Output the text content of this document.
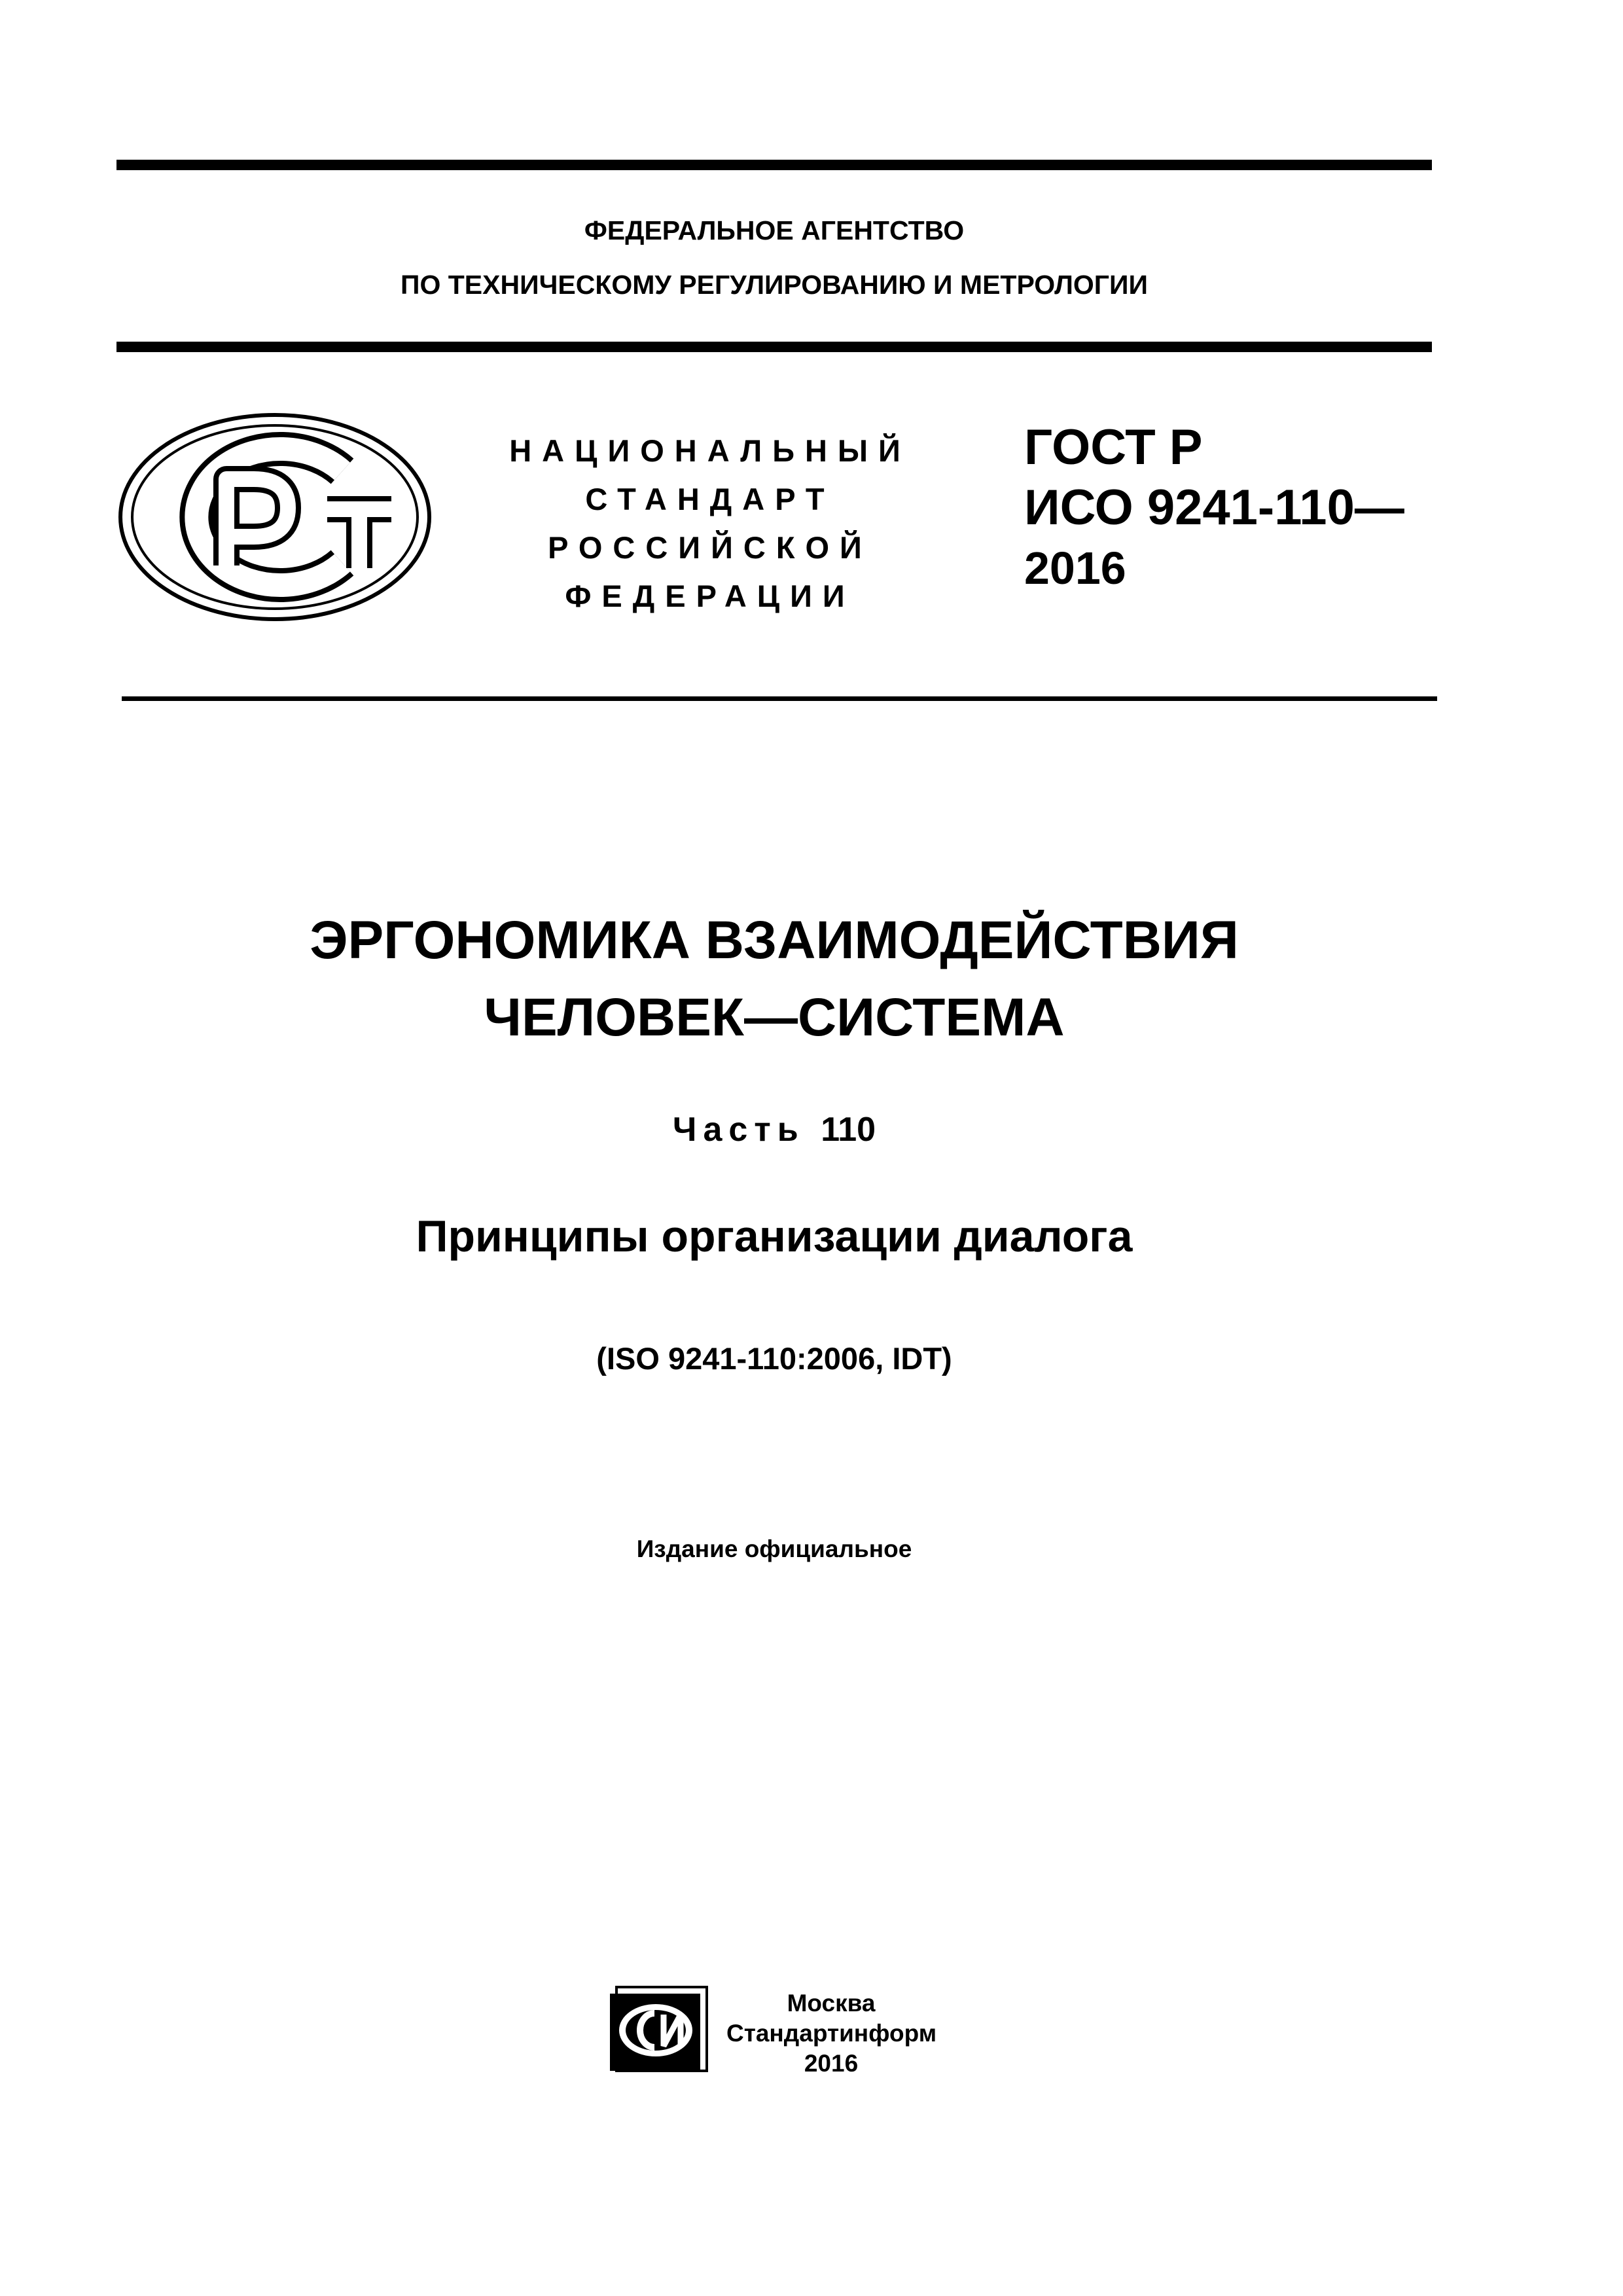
ФЕДЕРАЛЬНОЕ АГЕНТСТВО
ПО ТЕХНИЧЕСКОМУ РЕГУЛИРОВАНИЮ И МЕТРОЛОГИИ
НАЦИОНАЛЬНЫЙ
СТАНДАРТ
РОССИЙСКОЙ
ФЕДЕРАЦИИ
ГОСТ Р
ИСО 9241-110—
2016
ЭРГОНОМИКА ВЗАИМОДЕЙСТВИЯ
ЧЕЛОВЕК—СИСТЕМА
Часть 110
Принципы организации диалога
(ISO 9241-110:2006, IDT)
Издание официальное
Москва
Стандартинформ
2016
